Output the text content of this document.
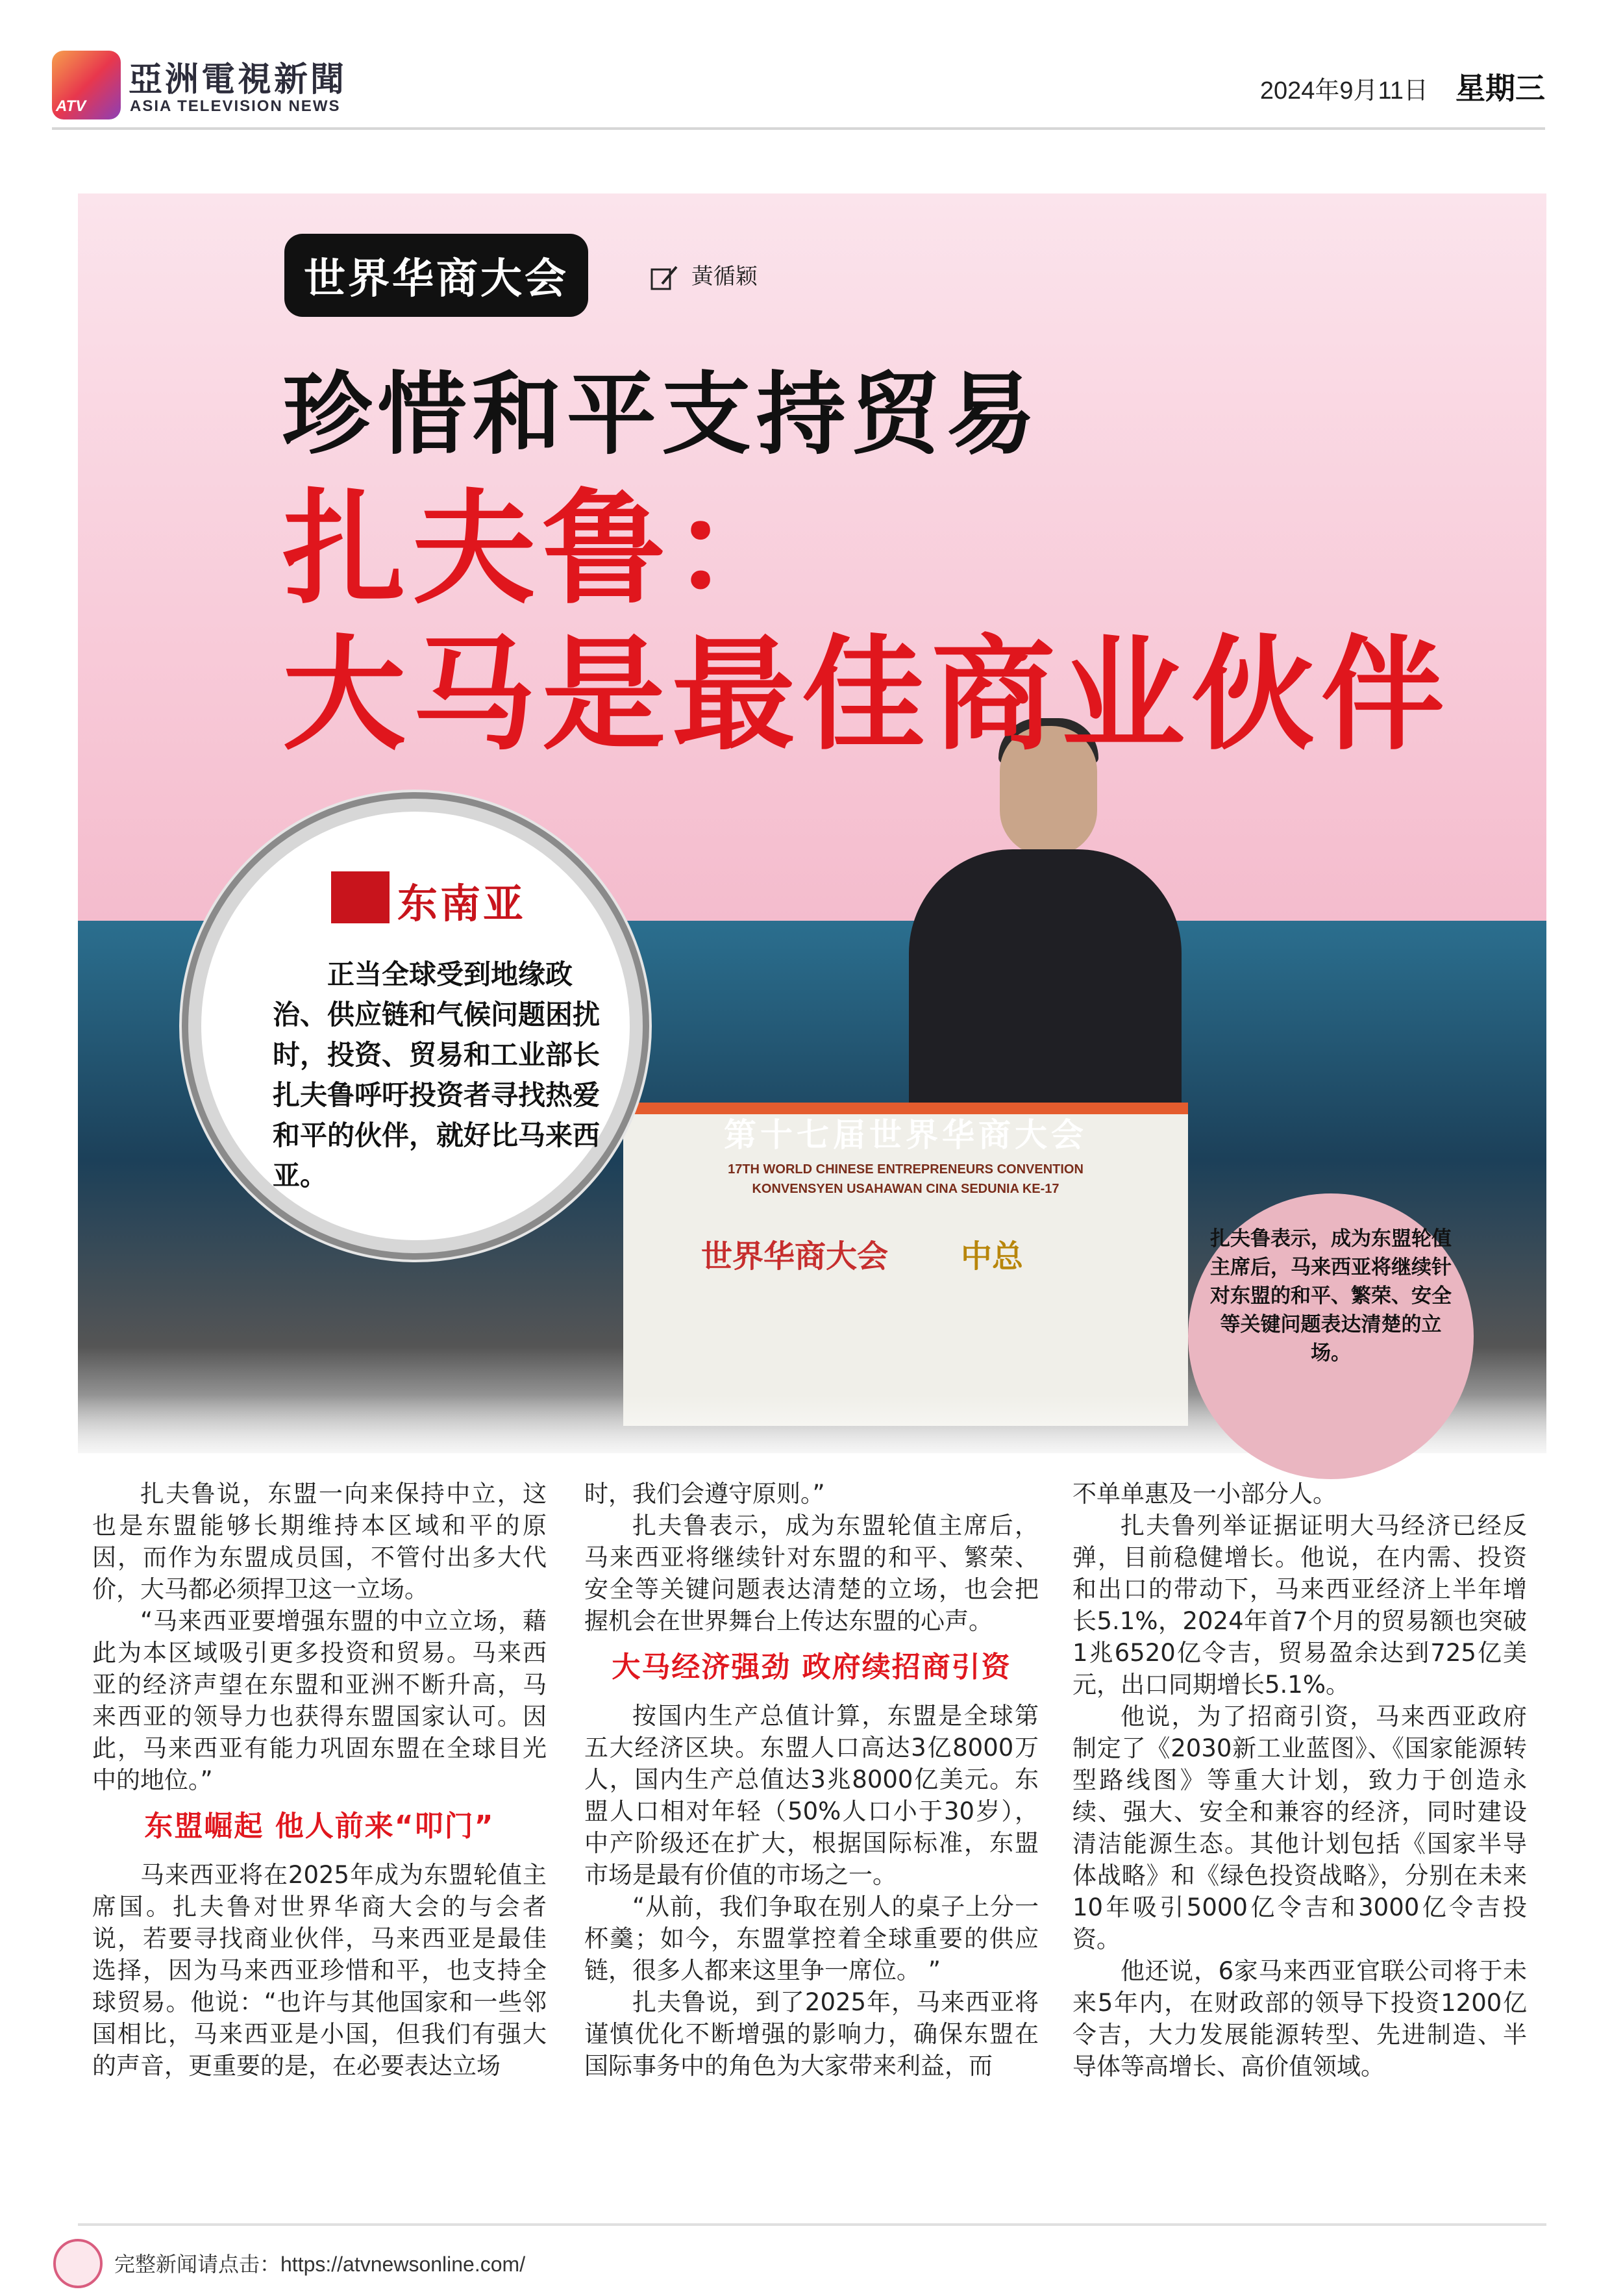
ATV
亞洲電視新聞
ASIA TELEVISION NEWS
2024年9月11日 星期三
第十七届世界华商大会
17TH WORLD CHINESE ENTREPRENEURS CONVENTION
KONVENSYEN USAHAWAN CINA SEDUNIA KE-17
世界华商大会 中总
世界华商大会	黃循颖
珍惜和平支持贸易
扎夫鲁：
大马是最佳商业伙伴
东南亚
正当全球受到地缘政治、供应链和气候问题困扰时，投资、贸易和工业部长扎夫鲁呼吁投资者寻找热爱和平的伙伴，就好比马来西亚。
扎夫鲁表示，成为东盟轮值主席后，马来西亚将继续针对东盟的和平、繁荣、安全等关键问题表达清楚的立场。

扎夫鲁说，东盟一向来保持中立，这也是东盟能够长期维持本区域和平的原因，而作为东盟成员国，不管付出多大代价，大马都必须捍卫这一立场。

“马来西亚要增强东盟的中立立场，藉此为本区域吸引更多投资和贸易。马来西亚的经济声望在东盟和亚洲不断升高，马来西亚的领导力也获得东盟国家认可。因此，马来西亚有能力巩固东盟在全球目光中的地位。”

东盟崛起 他人前来“叩门”

马来西亚将在2025年成为东盟轮值主席国。扎夫鲁对世界华商大会的与会者说，若要寻找商业伙伴，马来西亚是最佳选择，因为马来西亚珍惜和平，也支持全球贸易。他说：“也许与其他国家和一些邻国相比，马来西亚是小国，但我们有强大的声音，更重要的是，在必要表达立场

时，我们会遵守原则。”

扎夫鲁表示，成为东盟轮值主席后，马来西亚将继续针对东盟的和平、繁荣、安全等关键问题表达清楚的立场，也会把握机会在世界舞台上传达东盟的心声。

大马经济强劲 政府续招商引资

按国内生产总值计算，东盟是全球第五大经济区块。东盟人口高达3亿8000万人，国内生产总值达3兆8000亿美元。东盟人口相对年轻（50%人口小于30岁），中产阶级还在扩大，根据国际标准，东盟市场是最有价值的市场之一。

“从前，我们争取在别人的桌子上分一杯羹；如今，东盟掌控着全球重要的供应链，很多人都来这里争一席位。 ”

扎夫鲁说，到了2025年，马来西亚将谨慎优化不断增强的影响力，确保东盟在国际事务中的角色为大家带来利益，而

不单单惠及一小部分人。

扎夫鲁列举证据证明大马经济已经反弹，目前稳健增长。他说，在内需、投资和出口的带动下，马来西亚经济上半年增长5.1%，2024年首7个月的贸易额也突破1兆6520亿令吉，贸易盈余达到725亿美元，出口同期增长5.1%。

他说，为了招商引资，马来西亚政府制定了《2030新工业蓝图》、《国家能源转型路线图》等重大计划，致力于创造永续、强大、安全和兼容的经济，同时建设清洁能源生态。其他计划包括《国家半导体战略》和《绿色投资战略》，分别在未来10年吸引5000亿令吉和3000亿令吉投资。

他还说，6家马来西亚官联公司将于未来5年内，在财政部的领导下投资1200亿令吉，大力发展能源转型、先进制造、半导体等高增长、高价值领域。

完整新闻请点击：https://atvnewsonline.com/
